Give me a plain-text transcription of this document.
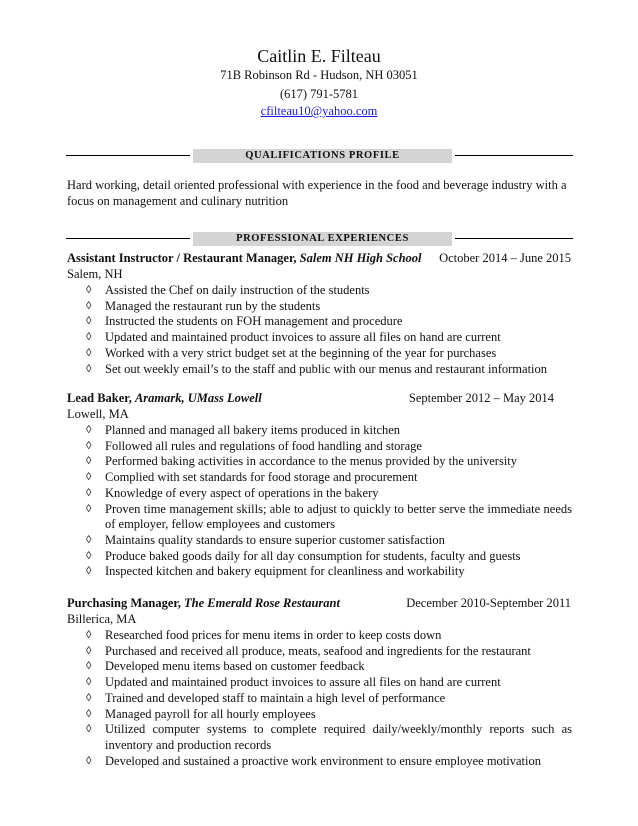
Caitlin E. Filteau
71B Robinson Rd - Hudson, NH 03051
(617) 791-5781
cfilteau10@yahoo.com
QUALIFICATIONS PROFILE
Hard working, detail oriented professional with experience in the food and beverage industry with a focus on management and culinary nutrition
PROFESSIONAL EXPERIENCES
Assistant Instructor / Restaurant Manager, Salem NH High School October 2014 – June 2015
Salem, NH
◊ Assisted the Chef on daily instruction of the students
◊ Managed the restaurant run by the students
◊ Instructed the students on FOH management and procedure
◊ Updated and maintained product invoices to assure all files on hand are current
◊ Worked with a very strict budget set at the beginning of the year for purchases
◊ Set out weekly email’s to the staff and public with our menus and restaurant information
Lead Baker, Aramark, UMass Lowell	September 2012 – May 2014
Lowell, MA
◊ Planned and managed all bakery items produced in kitchen
◊ Followed all rules and regulations of food handling and storage
◊ Performed baking activities in accordance to the menus provided by the university
◊ Complied with set standards for food storage and procurement
◊ Knowledge of every aspect of operations in the bakery
◊ Proven time management skills; able to adjust to quickly to better serve the immediate needs of employer, fellow employees and customers
◊ Maintains quality standards to ensure superior customer satisfaction
◊ Produce baked goods daily for all day consumption for students, faculty and guests
◊ Inspected kitchen and bakery equipment for cleanliness and workability
Purchasing Manager, The Emerald Rose Restaurant	December 2010-September 2011
Billerica, MA
◊ Researched food prices for menu items in order to keep costs down
◊ Purchased and received all produce, meats, seafood and ingredients for the restaurant
◊ Developed menu items based on customer feedback
◊ Updated and maintained product invoices to assure all files on hand are current
◊ Trained and developed staff to maintain a high level of performance
◊ Managed payroll for all hourly employees
◊ Utilized computer systems to complete required daily/weekly/monthly reports such as inventory and production records
◊ Developed and sustained a proactive work environment to ensure employee motivation
